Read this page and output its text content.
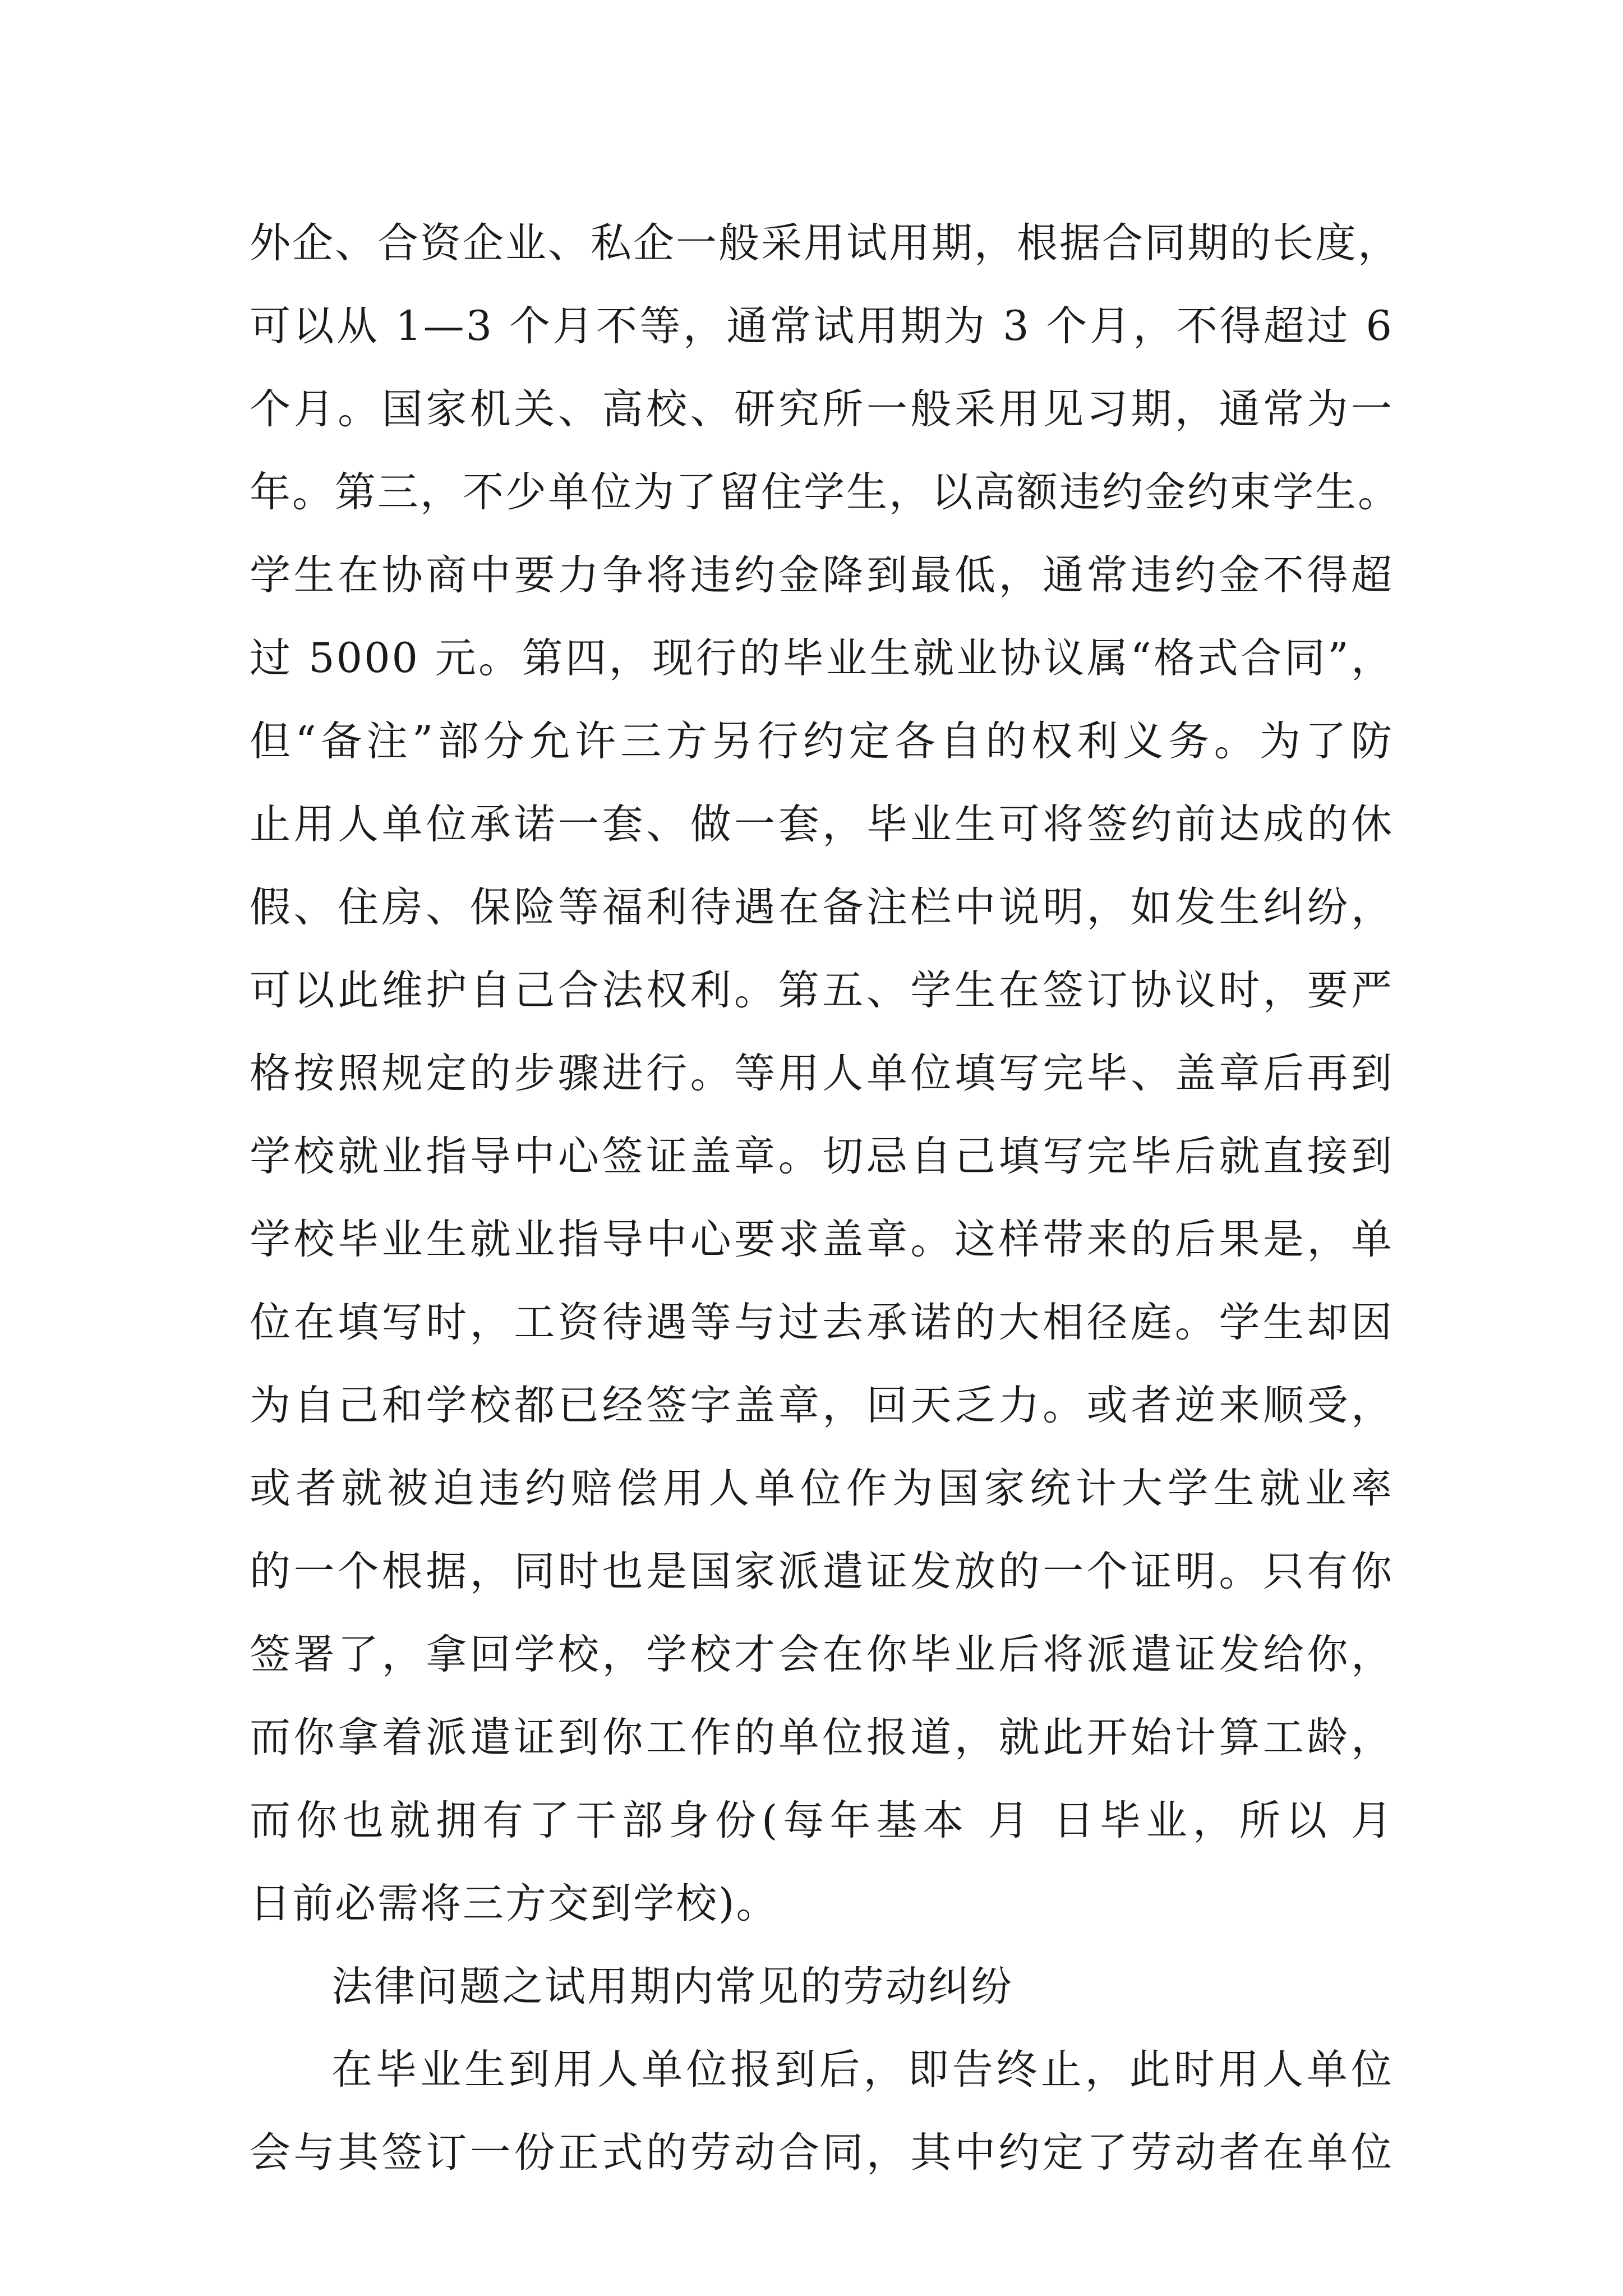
外企、合资企业、私企一般采用试用期，根据合同期的长度，
可以从 1—3 个月不等，通常试用期为 3 个月，不得超过 6
个月。国家机关、高校、研究所一般采用见习期，通常为一
年。第三，不少单位为了留住学生，以高额违约金约束学生。
学生在协商中要力争将违约金降到最低，通常违约金不得超
过 5000 元。第四，现行的毕业生就业协议属“格式合同”，
但“备注”部分允许三方另行约定各自的权利义务。为了防
止用人单位承诺一套、做一套，毕业生可将签约前达成的休
假、住房、保险等福利待遇在备注栏中说明，如发生纠纷，
可以此维护自己合法权利。第五、学生在签订协议时，要严
格按照规定的步骤进行。等用人单位填写完毕、盖章后再到
学校就业指导中心签证盖章。切忌自己填写完毕后就直接到
学校毕业生就业指导中心要求盖章。这样带来的后果是，单
位在填写时，工资待遇等与过去承诺的大相径庭。学生却因
为自己和学校都已经签字盖章，回天乏力。或者逆来顺受，
或者就被迫违约赔偿用人单位作为国家统计大学生就业率
的一个根据，同时也是国家派遣证发放的一个证明。只有你
签署了，拿回学校，学校才会在你毕业后将派遣证发给你，
而你拿着派遣证到你工作的单位报道，就此开始计算工龄，
而你也就拥有了干部身份(每年基本 月 日毕业，所以 月
日前必需将三方交到学校)。
法律问题之试用期内常见的劳动纠纷
在毕业生到用人单位报到后，即告终止，此时用人单位
会与其签订一份正式的劳动合同，其中约定了劳动者在单位
